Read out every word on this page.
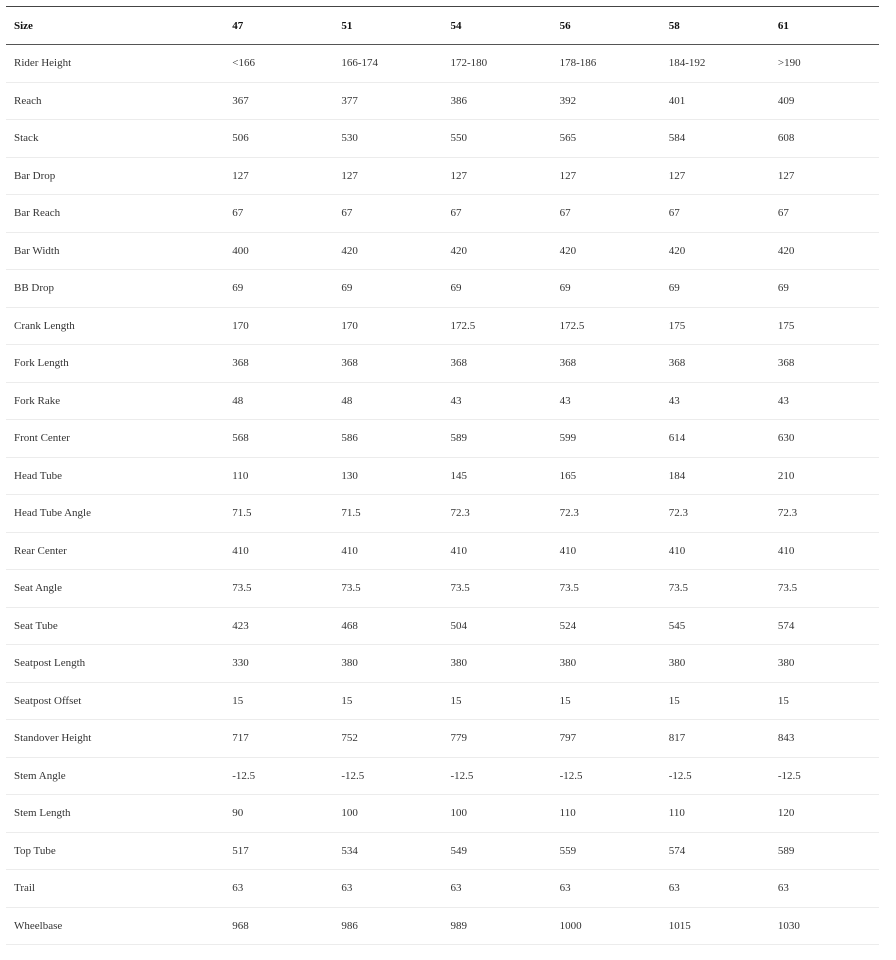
Size	47	51	54	56	58	61
Rider Height	<166	166-174	172-180	178-186	184-192	>190
Reach	367	377	386	392	401	409
Stack	506	530	550	565	584	608
Bar Drop	127	127	127	127	127	127
Bar Reach	67	67	67	67	67	67
Bar Width	400	420	420	420	420	420
BB Drop	69	69	69	69	69	69
Crank Length	170	170	172.5	172.5	175	175
Fork Length	368	368	368	368	368	368
Fork Rake	48	48	43	43	43	43
Front Center	568	586	589	599	614	630
Head Tube	110	130	145	165	184	210
Head Tube Angle	71.5	71.5	72.3	72.3	72.3	72.3
Rear Center	410	410	410	410	410	410
Seat Angle	73.5	73.5	73.5	73.5	73.5	73.5
Seat Tube	423	468	504	524	545	574
Seatpost Length	330	380	380	380	380	380
Seatpost Offset	15	15	15	15	15	15
Standover Height	717	752	779	797	817	843
Stem Angle	-12.5	-12.5	-12.5	-12.5	-12.5	-12.5
Stem Length	90	100	100	110	110	120
Top Tube	517	534	549	559	574	589
Trail	63	63	63	63	63	63
Wheelbase	968	986	989	1000	1015	1030
